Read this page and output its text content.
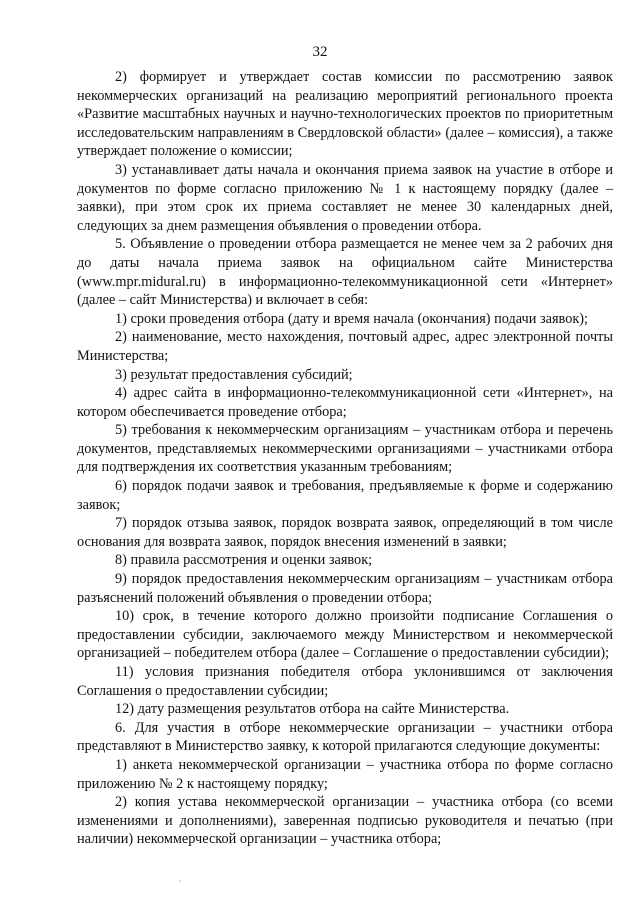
32

2) формирует и утверждает состав комиссии по рассмотрению заявок некоммерческих организаций на реализацию мероприятий регионального проекта «Развитие масштабных научных и научно-технологических проектов по приоритетным исследовательским направлениям в Свердловской области» (далее – комиссия), а также утверждает положение о комиссии;

3) устанавливает даты начала и окончания приема заявок на участие в отборе и документов по форме согласно приложению № 1 к настоящему порядку (далее – заявки), при этом срок их приема составляет не менее 30 календарных дней, следующих за днем размещения объявления о проведении отбора.

5. Объявление о проведении отбора размещается не менее чем за 2 рабочих дня до даты начала приема заявок на официальном сайте Министерства (www.mpr.midural.ru) в информационно-телекоммуникационной сети «Интернет» (далее – сайт Министерства) и включает в себя:

1) сроки проведения отбора (дату и время начала (окончания) подачи заявок);

2) наименование, место нахождения, почтовый адрес, адрес электронной почты Министерства;

3) результат предоставления субсидий;

4) адрес сайта в информационно-телекоммуникационной сети «Интернет», на котором обеспечивается проведение отбора;

5) требования к некоммерческим организациям – участникам отбора и перечень документов, представляемых некоммерческими организациями – участниками отбора для подтверждения их соответствия указанным требованиям;

6) порядок подачи заявок и требования, предъявляемые к форме и содержанию заявок;

7) порядок отзыва заявок, порядок возврата заявок, определяющий в том числе основания для возврата заявок, порядок внесения изменений в заявки;

8) правила рассмотрения и оценки заявок;

9) порядок предоставления некоммерческим организациям – участникам отбора разъяснений положений объявления о проведении отбора;

10) срок, в течение которого должно произойти подписание Соглашения о предоставлении субсидии, заключаемого между Министерством и некоммерческой организацией – победителем отбора (далее – Соглашение о предоставлении субсидии);

11) условия признания победителя отбора уклонившимся от заключения Соглашения о предоставлении субсидии;

12) дату размещения результатов отбора на сайте Министерства.

6. Для участия в отборе некоммерческие организации – участники отбора представляют в Министерство заявку, к которой прилагаются следующие документы:

1) анкета некоммерческой организации – участника отбора по форме согласно приложению № 2 к настоящему порядку;

2) копия устава некоммерческой организации – участника отбора (со всеми изменениями и дополнениями), заверенная подписью руководителя и печатью (при наличии) некоммерческой организации – участника отбора;
